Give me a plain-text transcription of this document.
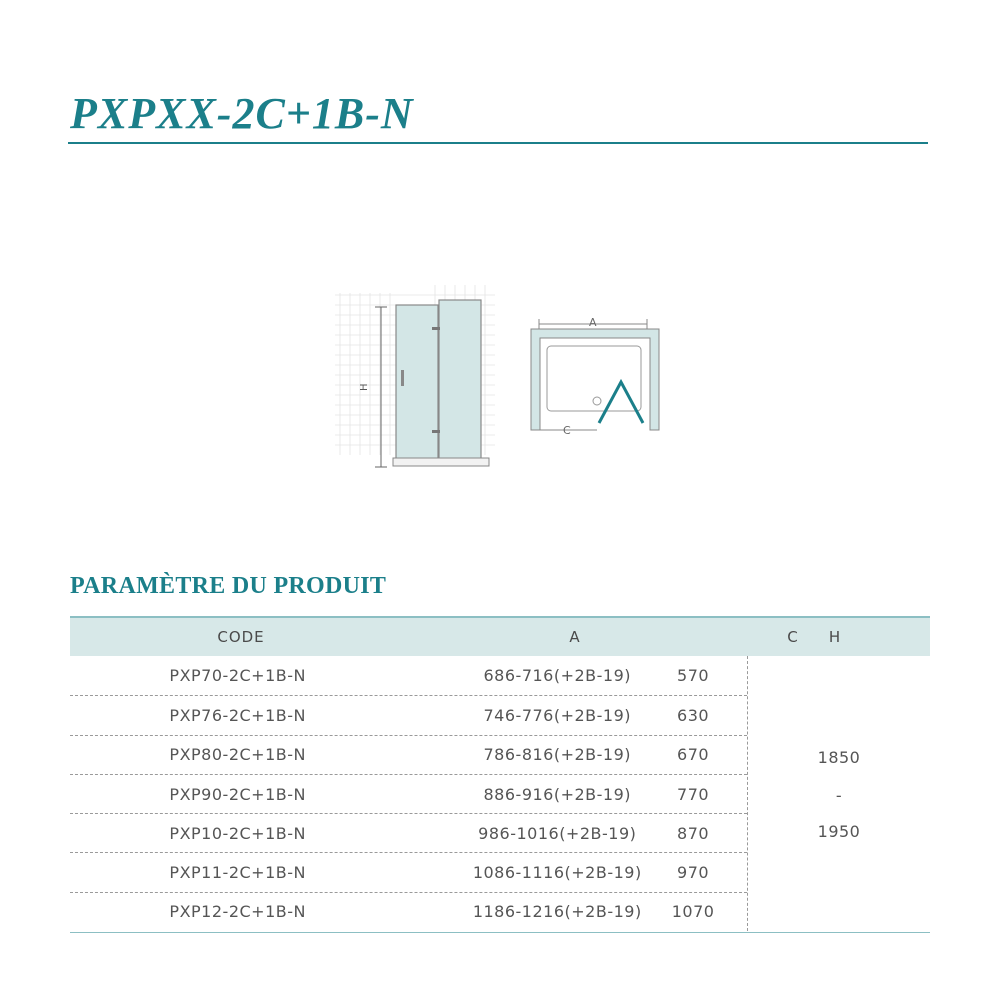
PXPXX-2C+1B-N
H
A
C
PARAMÈTRE DU PRODUIT
CODE	A	C	H
PXP70-2C+1B-N	686-716(+2B-19)	570
PXP76-2C+1B-N	746-776(+2B-19)	630
PXP80-2C+1B-N	786-816(+2B-19)	670
PXP90-2C+1B-N	886-916(+2B-19)	770
PXP10-2C+1B-N	986-1016(+2B-19)	870
PXP11-2C+1B-N	1086-1116(+2B-19)	970
PXP12-2C+1B-N	1186-1216(+2B-19)	1070
1850
-
1950
